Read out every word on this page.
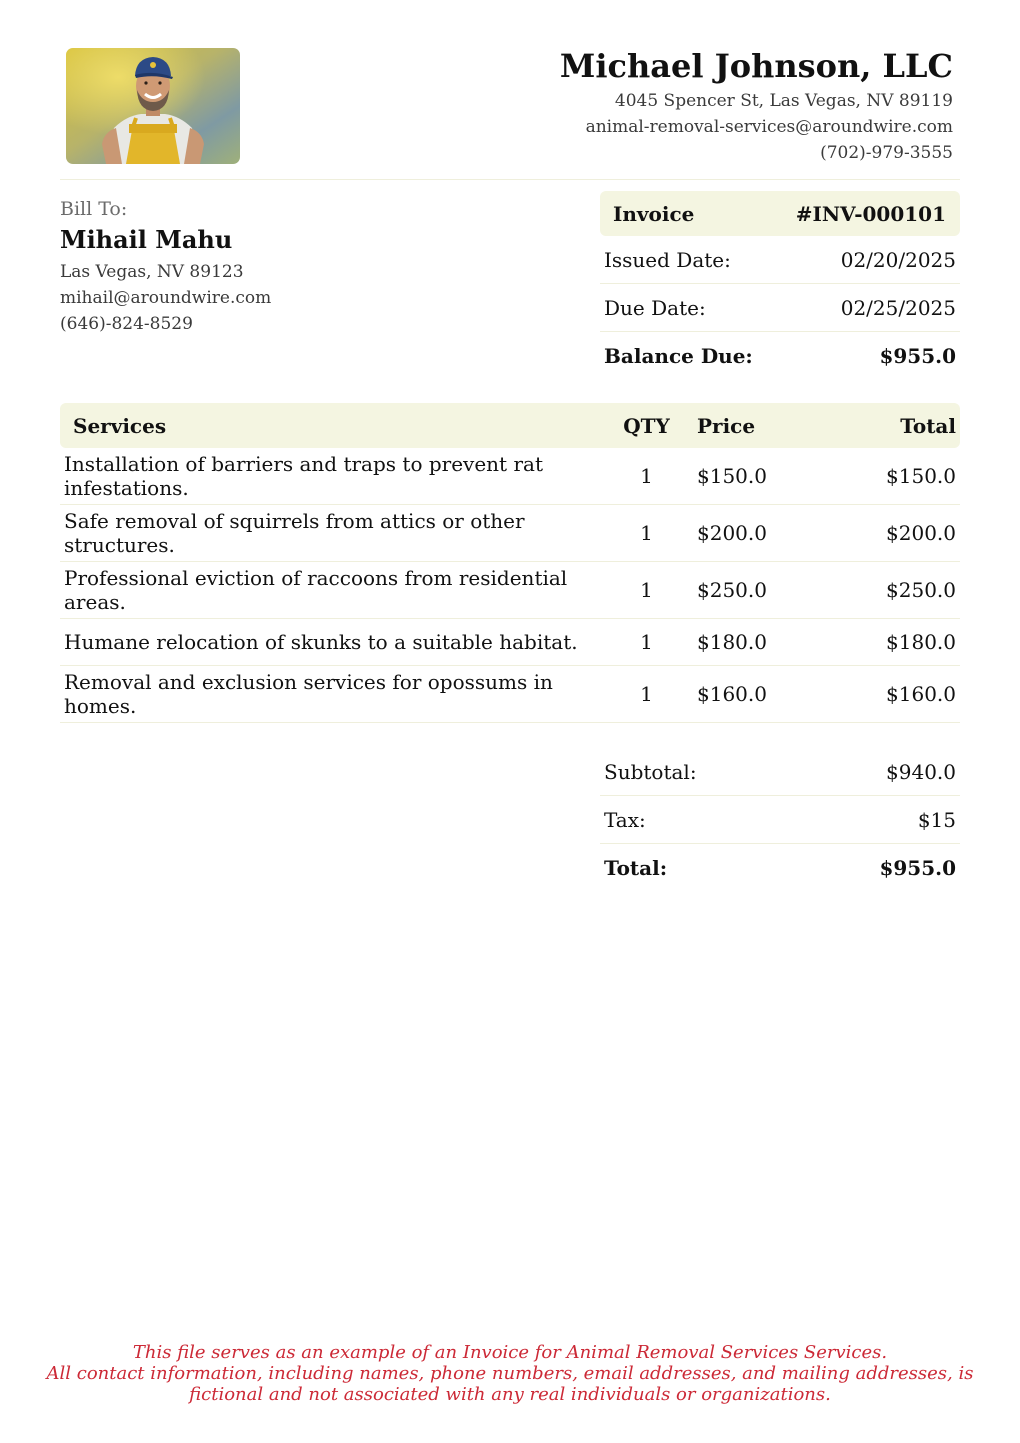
Michael Johnson, LLC
4045 Spencer St, Las Vegas, NV 89119
animal-removal-services@aroundwire.com
(702)-979-3555
Bill To:
Mihail Mahu
Las Vegas, NV 89123
mihail@aroundwire.com
(646)-824-8529
Invoice	#INV-000101
Issued Date:	02/20/2025
Due Date:	02/25/2025
Balance Due:	$955.0
Services	QTY	Price	Total
Installation of barriers and traps to prevent rat infestations.	1	$150.0	$150.0
Safe removal of squirrels from attics or other structures.	1	$200.0	$200.0
Professional eviction of raccoons from residential areas.	1	$250.0	$250.0
Humane relocation of skunks to a suitable habitat.	1	$180.0	$180.0
Removal and exclusion services for opossums in homes.	1	$160.0	$160.0
Subtotal:	$940.0
Tax:	$15
Total:	$955.0
This file serves as an example of an Invoice for Animal Removal Services Services.
All contact information, including names, phone numbers, email addresses, and mailing addresses, is
fictional and not associated with any real individuals or organizations.
